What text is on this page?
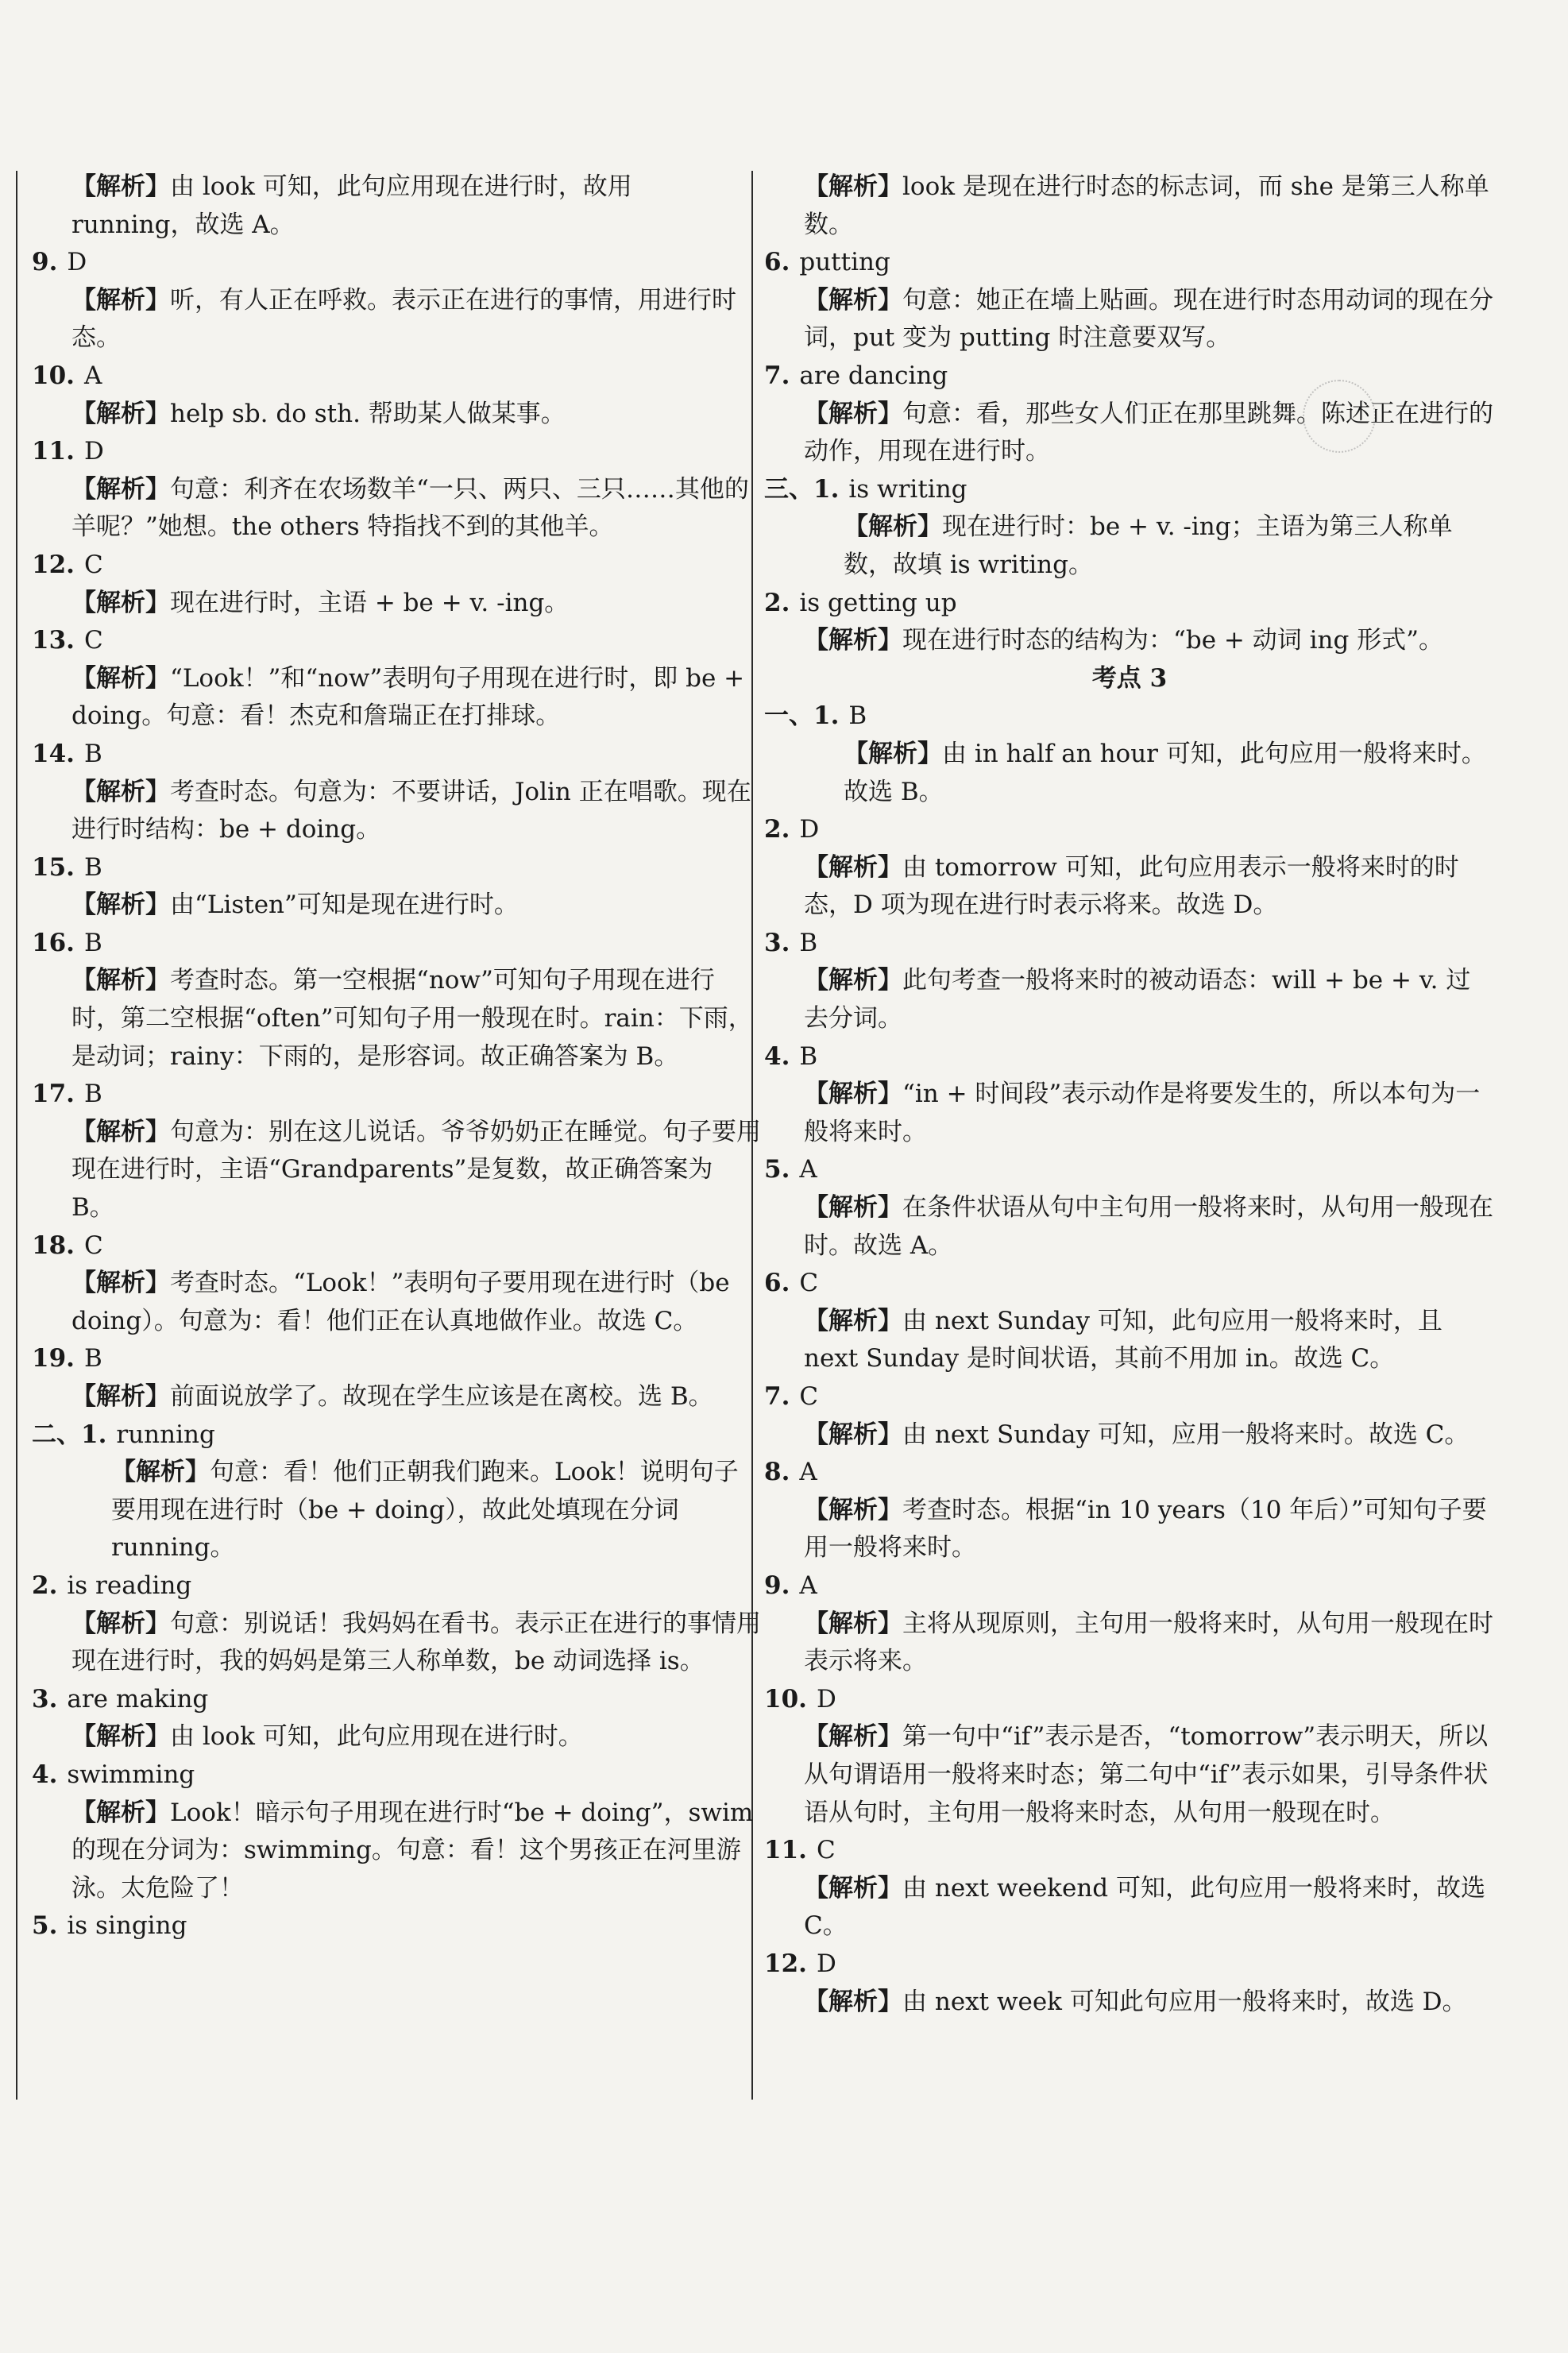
【解析】由 look 可知，此句应用现在进行时，故用 running，故选 A。

9. D

【解析】听，有人正在呼救。表示正在进行的事情，用进行时态。

10. A

【解析】help sb. do sth. 帮助某人做某事。

11. D

【解析】句意：利齐在农场数羊“一只、两只、三只……其他的羊呢？”她想。the others 特指找不到的其他羊。

12. C

【解析】现在进行时，主语 + be + v. -ing。

13. C

【解析】“Look！”和“now”表明句子用现在进行时，即 be + doing。句意：看！杰克和詹瑞正在打排球。

14. B

【解析】考查时态。句意为：不要讲话，Jolin 正在唱歌。现在进行时结构：be + doing。

15. B

【解析】由“Listen”可知是现在进行时。

16. B

【解析】考查时态。第一空根据“now”可知句子用现在进行时，第二空根据“often”可知句子用一般现在时。rain：下雨，是动词；rainy：下雨的，是形容词。故正确答案为 B。

17. B

【解析】句意为：别在这儿说话。爷爷奶奶正在睡觉。句子要用现在进行时，主语“Grandparents”是复数，故正确答案为 B。

18. C

【解析】考查时态。“Look！”表明句子要用现在进行时（be doing）。句意为：看！他们正在认真地做作业。故选 C。

19. B

【解析】前面说放学了。故现在学生应该是在离校。选 B。

二、1. running

【解析】句意：看！他们正朝我们跑来。Look！说明句子要用现在进行时（be + doing），故此处填现在分词 running。

2. is reading

【解析】句意：别说话！我妈妈在看书。表示正在进行的事情用现在进行时，我的妈妈是第三人称单数，be 动词选择 is。

3. are making

【解析】由 look 可知，此句应用现在进行时。

4. swimming

【解析】Look！暗示句子用现在进行时“be + doing”，swim 的现在分词为：swimming。句意：看！这个男孩正在河里游泳。太危险了！

5. is singing

【解析】look 是现在进行时态的标志词，而 she 是第三人称单数。

6. putting

【解析】句意：她正在墙上贴画。现在进行时态用动词的现在分词，put 变为 putting 时注意要双写。

7. are dancing

【解析】句意：看，那些女人们正在那里跳舞。陈述正在进行的动作，用现在进行时。

三、1. is writing

【解析】现在进行时：be + v. -ing；主语为第三人称单数，故填 is writing。

2. is getting up

【解析】现在进行时态的结构为：“be + 动词 ing 形式”。

考点 3

一、1. B

【解析】由 in half an hour 可知，此句应用一般将来时。故选 B。

2. D

【解析】由 tomorrow 可知，此句应用表示一般将来时的时态，D 项为现在进行时表示将来。故选 D。

3. B

【解析】此句考查一般将来时的被动语态：will + be + v. 过去分词。

4. B

【解析】“in + 时间段”表示动作是将要发生的，所以本句为一般将来时。

5. A

【解析】在条件状语从句中主句用一般将来时，从句用一般现在时。故选 A。

6. C

【解析】由 next Sunday 可知，此句应用一般将来时，且 next Sunday 是时间状语，其前不用加 in。故选 C。

7. C

【解析】由 next Sunday 可知，应用一般将来时。故选 C。

8. A

【解析】考查时态。根据“in 10 years（10 年后）”可知句子要用一般将来时。

9. A

【解析】主将从现原则，主句用一般将来时，从句用一般现在时表示将来。

10. D

【解析】第一句中“if”表示是否，“tomorrow”表示明天，所以从句谓语用一般将来时态；第二句中“if”表示如果，引导条件状语从句时，主句用一般将来时态，从句用一般现在时。

11. C

【解析】由 next weekend 可知，此句应用一般将来时，故选 C。

12. D

【解析】由 next week 可知此句应用一般将来时，故选 D。
